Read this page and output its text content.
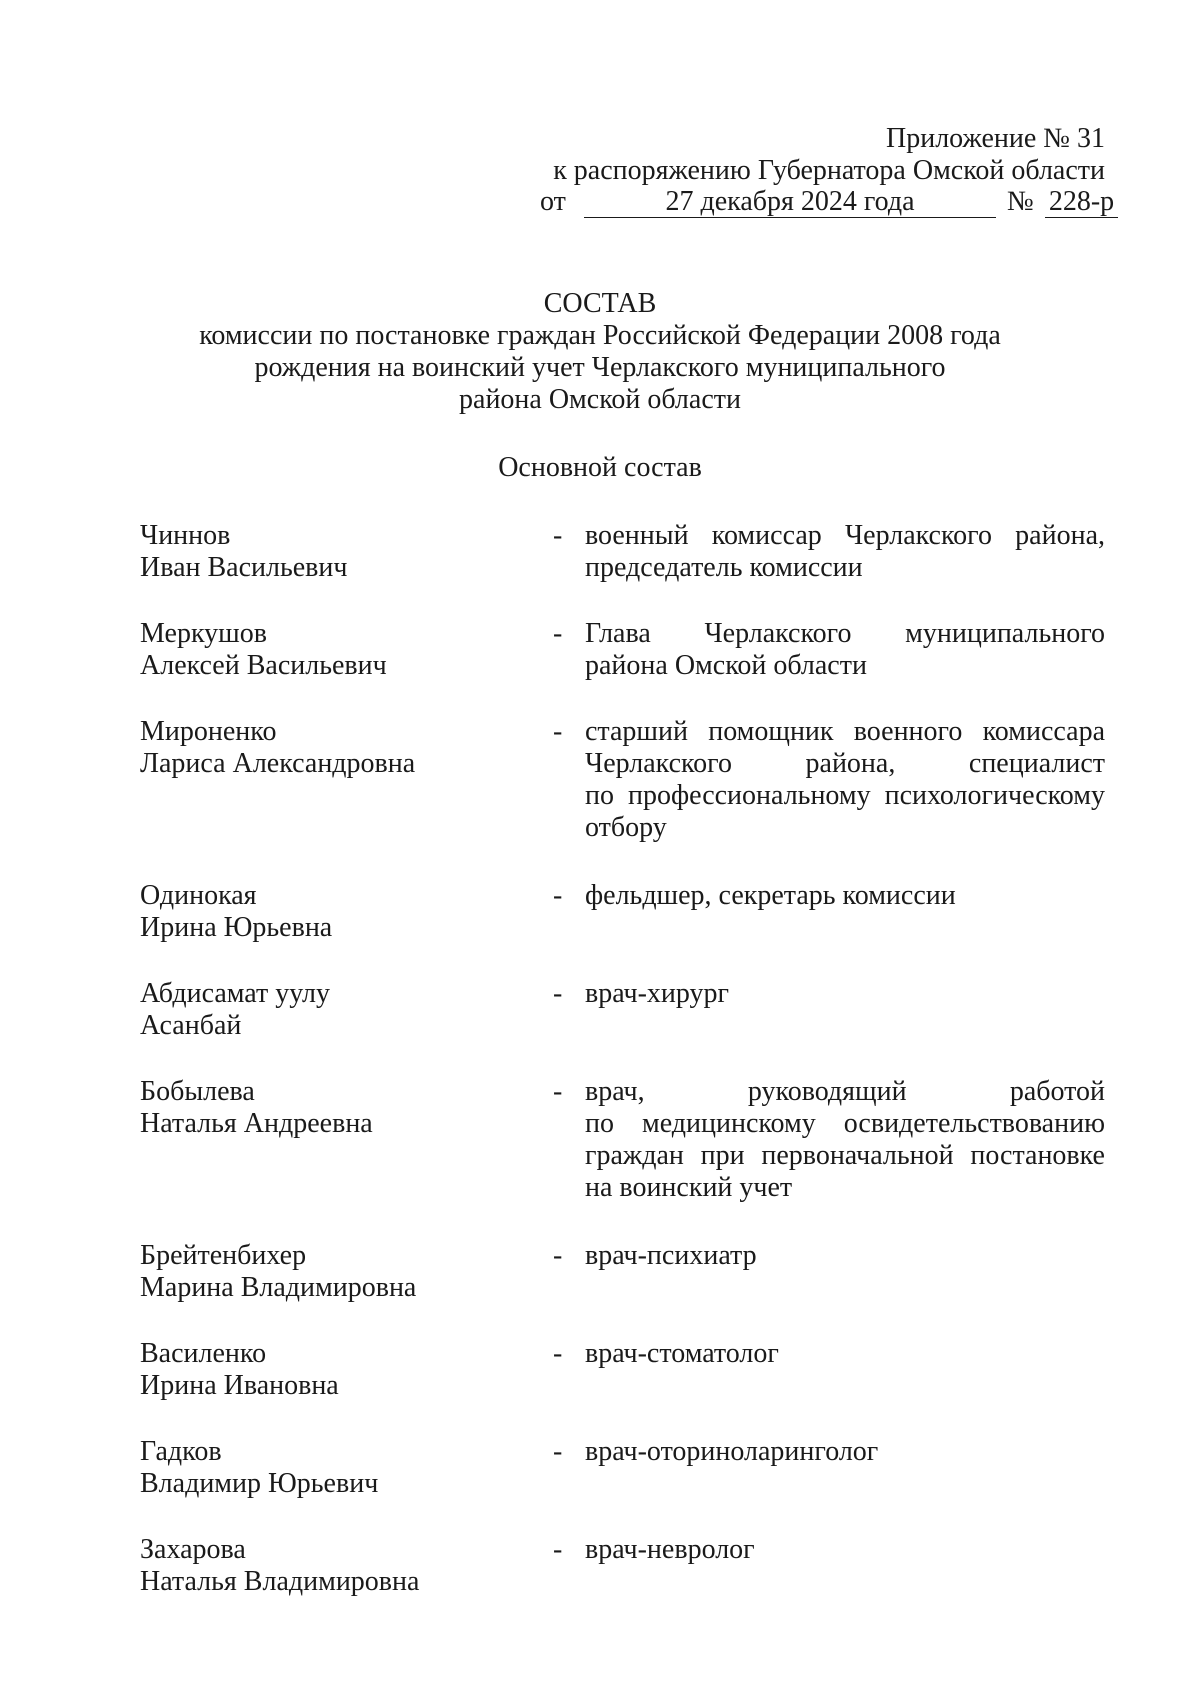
Приложение № 31
к распоряжению Губернатора Омской области
от	27 декабря 2024 года	№ 228-р
СОСТАВ
комиссии по постановке граждан Российской Федерации 2008 года
рождения на воинский учет Черлакского муниципального
района Омской области
Основной состав
Чиннов
Иван Васильевич
- военный комиссар Черлакского района,
председатель комиссии
Меркушов
Алексей Васильевич
- Глава Черлакского муниципального
района Омской области
Мироненко
Лариса Александровна
- старший помощник военного комиссара
Черлакского района, специалист
по профессиональному психологическому
отбору
Одинокая
Ирина Юрьевна
- фельдшер, секретарь комиссии
Абдисамат уулу
Асанбай
- врач-хирург
Бобылева
Наталья Андреевна
- врач, руководящий работой
по медицинскому освидетельствованию
граждан при первоначальной постановке
на воинский учет
Брейтенбихер
Марина Владимировна
- врач-психиатр
Василенко
Ирина Ивановна
- врач-стоматолог
Гадков
Владимир Юрьевич
- врач-оториноларинголог
Захарова
Наталья Владимировна
- врач-невролог
